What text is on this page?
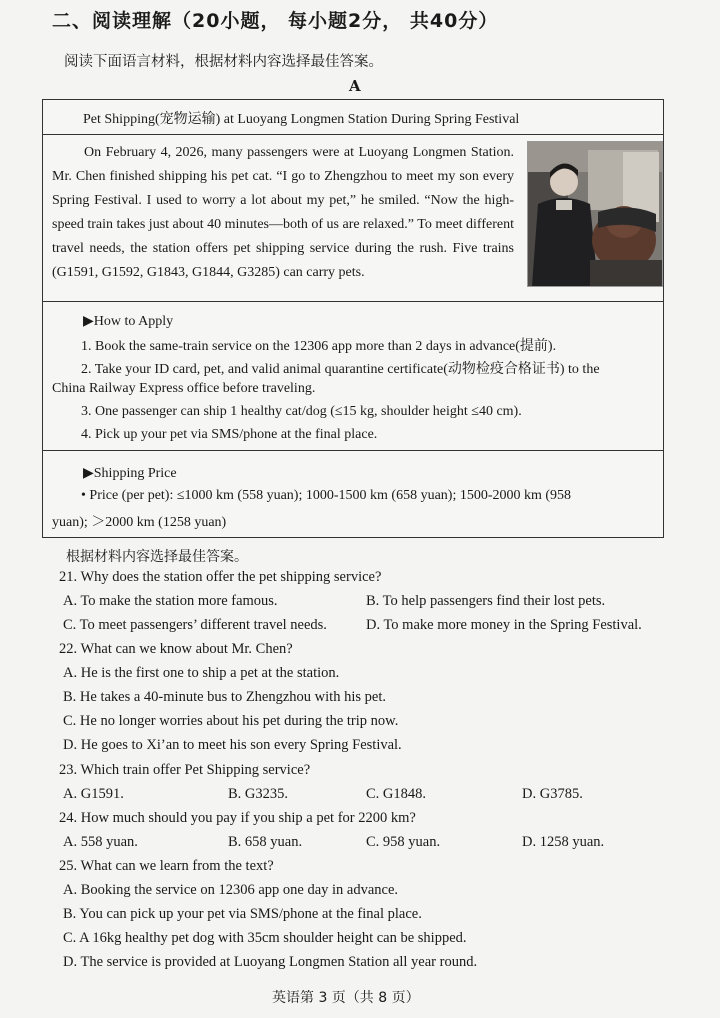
二、阅读理解（20小题， 每小题2分， 共40分）
阅读下面语言材料，根据材料内容选择最佳答案。
A
Pet Shipping(宠物运输) at Luoyang Longmen Station During Spring Festival
On February 4, 2026, many passengers were at Luoyang Longmen Station. Mr. Chen finished shipping his pet cat. “I go to Zhengzhou to meet my son every Spring Festival. I used to worry a lot about my pet,” he smiled. “Now the high-speed train takes just about 40 minutes—both of us are relaxed.” To meet different travel needs, the station offers pet shipping service during the rush. Five trains (G1591, G1592, G1843, G1844, G3285) can carry pets.
▶How to Apply
1. Book the same-train service on the 12306 app more than 2 days in advance(提前).
2. Take your ID card, pet, and valid animal quarantine certificate(动物检疫合格证书) to the
China Railway Express office before traveling.
3. One passenger can ship 1 healthy cat/dog (≤15 kg, shoulder height ≤40 cm).
4. Pick up your pet via SMS/phone at the final place.
▶Shipping Price
• Price (per pet): ≤1000 km (558 yuan); 1000-1500 km (658 yuan); 1500-2000 km (958
yuan); ＞2000 km (1258 yuan)
根据材料内容选择最佳答案。
21. Why does the station offer the pet shipping service?
A. To make the station more famous.	B. To help passengers find their lost pets.
C. To meet passengers’ different travel needs.	D. To make more money in the Spring Festival.
22. What can we know about Mr. Chen?
A. He is the first one to ship a pet at the station.
B. He takes a 40-minute bus to Zhengzhou with his pet.
C. He no longer worries about his pet during the trip now.
D. He goes to Xi’an to meet his son every Spring Festival.
23. Which train offer Pet Shipping service?
A. G1591.	B. G3235.	C. G1848.	D. G3785.
24. How much should you pay if you ship a pet for 2200 km?
A. 558 yuan.	B. 658 yuan.	C. 958 yuan.	D. 1258 yuan.
25. What can we learn from the text?
A. Booking the service on 12306 app one day in advance.
B. You can pick up your pet via SMS/phone at the final place.
C. A 16kg healthy pet dog with 35cm shoulder height can be shipped.
D. The service is provided at Luoyang Longmen Station all year round.
英语第 3 页（共 8 页）
